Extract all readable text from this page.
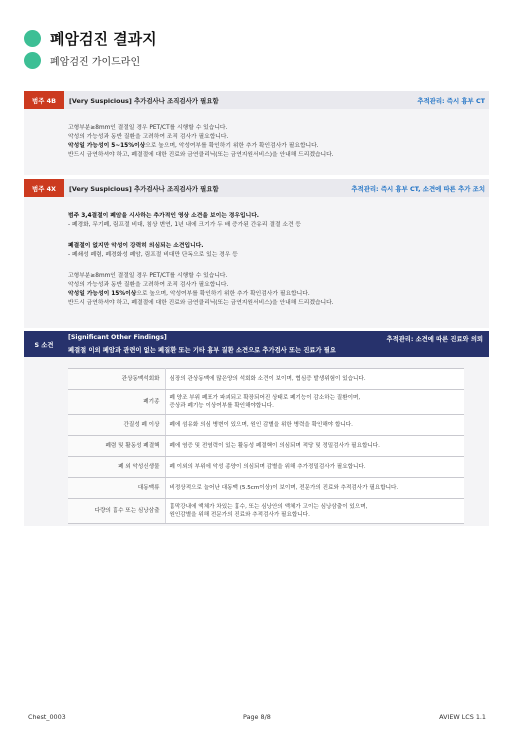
폐암검진 결과지
폐암검진 가이드라인
범주 4B	[Very Suspicious] 추가검사나 조직검사가 필요함	추적관리: 즉시 흉부 CT
고형부분≥8mm인 결절일 경우 PET/CT를 시행할 수 있습니다.
악성의 가능성과 동반 질환을 고려하여 조직 검사가 필요합니다.
악성일 가능성이 5~15%이상으로 높으며, 악성여부를 확인하기 위한 추가 확인검사가 필요합니다.
반드시 금연하셔야 하고, 폐결절에 대한 진료와 금연클리닉(또는 금연지원서비스)을 안내해 드리겠습니다.
범주 4X	[Very Suspicious] 추가검사나 조직검사가 필요함	추적관리: 즉시 흉부 CT, 소견에 따른 추가 조치
범주 3,4결절이 폐암을 시사하는 추가적인 영상 소견을 보이는 경우입니다.
- 폐경화, 무기폐, 림프절 비대, 침상 변연, 1년 내에 크기가 두 배 증가된 간유리 결절 소견 등
폐결절이 없지만 악성이 강력히 의심되는 소견입니다.
- 폐쇄성 폐렴, 폐경화성 폐암, 림프절 비대만 단독으로 있는 경우 등
고형부분≥8mm인 결절일 경우 PET/CT를 시행할 수 있습니다.
악성의 가능성과 동반 질환을 고려하여 조직 검사가 필요합니다.
악성일 가능성이 15%이상으로 높으며, 악성여부를 확인하기 위한 추가 확인검사가 필요합니다.
반드시 금연하셔야 하고, 폐결절에 대한 진료와 금연클리닉(또는 금연지원서비스)을 안내해 드리겠습니다.
S 소견
[Significant Other Findings]
폐결절 이외 폐암과 관련이 없는 폐질환 또는 기타 흉부 질환 소견으로 추가검사 또는 진료가 필요
추적관리: 소견에 따른 진료와 의뢰
관상동맥석회화	심장의 관상동맥에 많은양의 석회화 소견이 보이며, 협심증 발생위험이 있습니다.
폐기종	폐 양조 부위 폐포가 파괴되고 확장되어진 상태로 폐기능이 감소하는 질환이며,
증상과 폐기능 이상여부를 확인해야합니다.

간질성 폐 이상	폐에 섬유화 의심 병변이 있으며, 원인 감별을 위한 병력을 확인해야 합니다.
폐렴 및 활동성 폐결핵	폐에 염증 및 전염력이 있는 활동성 폐결핵이 의심되며 적당 및 정밀검사가 필요합니다.
폐 외 악성신생물	폐 이외의 부위에 악성 종양이 의심되며 감별을 위해 추가정밀검사가 필요합니다.
대동맥류	비정상적으로 늘어난 대동맥 (5.5cm이상)이 보이며, 전문가의 진료와 추적검사가 필요합니다.
다량의 흉수 또는 심낭삼출	흉막강내에 액체가 차있는 흉수, 또는 심낭안의 액체가 고이는 심낭삼출이 있으며,
원인감별을 위해 전문가의 진료와 추적검사가 필요합니다.
Chest_0003	Page 8/8	AVIEW LCS 1.1
